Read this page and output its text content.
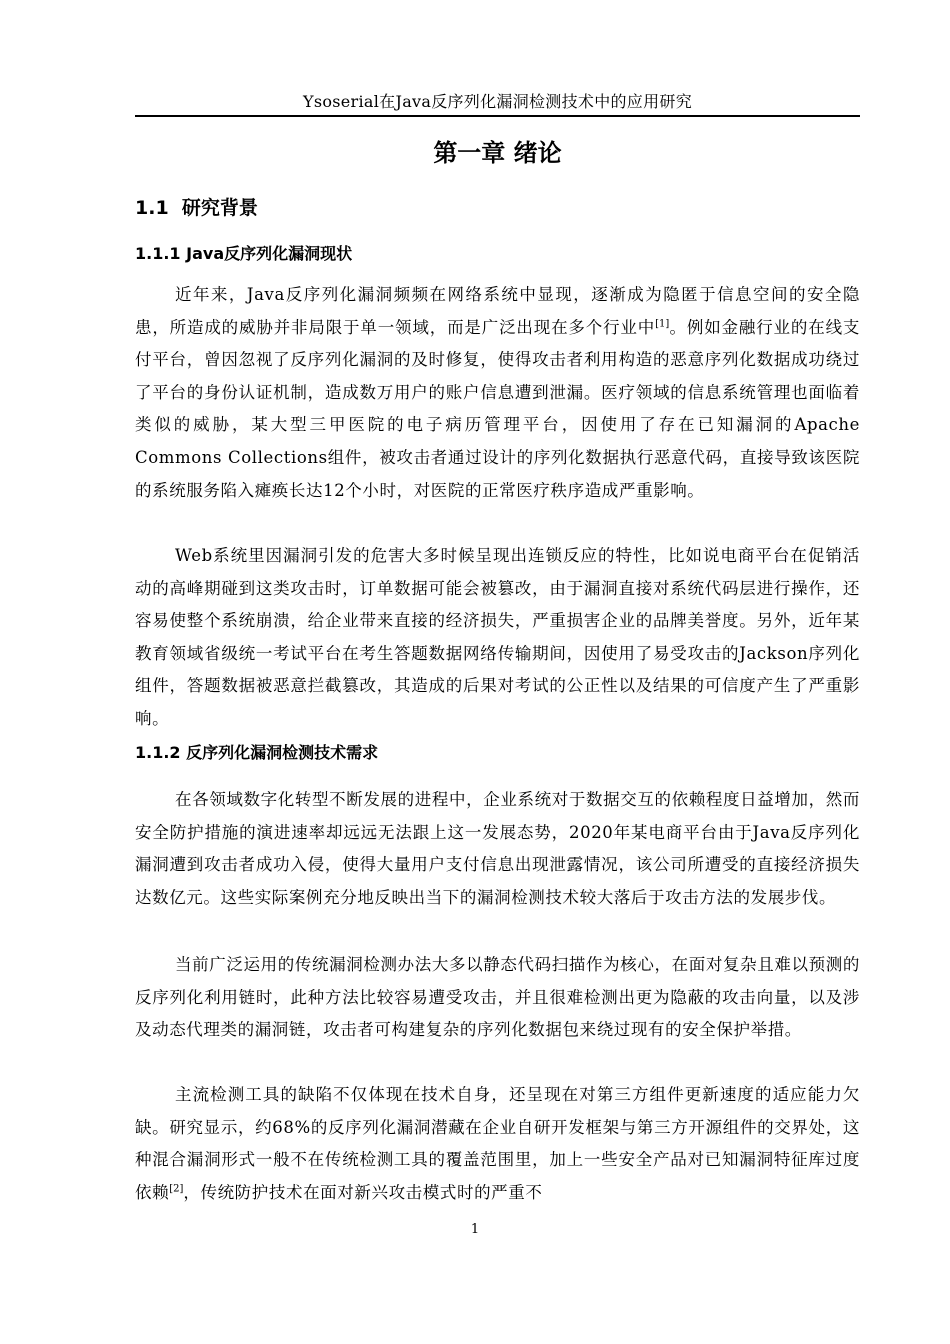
Ysoserial在Java反序列化漏洞检测技术中的应用研究
第一章 绪论
1.1 研究背景
1.1.1 Java反序列化漏洞现状

近年来，Java反序列化漏洞频频在网络系统中显现，逐渐成为隐匿于信息空间的安全隐患，所造成的威胁并非局限于单一领域，而是广泛出现在多个行业中[1]。例如金融行业的在线支付平台，曾因忽视了反序列化漏洞的及时修复，使得攻击者利用构造的恶意序列化数据成功绕过了平台的身份认证机制，造成数万用户的账户信息遭到泄漏。医疗领域的信息系统管理也面临着类似的威胁，某大型三甲医院的电子病历管理平台，因使用了存在已知漏洞的Apache Commons Collections组件，被攻击者通过设计的序列化数据执行恶意代码，直接导致该医院的系统服务陷入瘫痪长达12个小时，对医院的正常医疗秩序造成严重影响。

Web系统里因漏洞引发的危害大多时候呈现出连锁反应的特性，比如说电商平台在促销活动的高峰期碰到这类攻击时，订单数据可能会被篡改，由于漏洞直接对系统代码层进行操作，还容易使整个系统崩溃，给企业带来直接的经济损失，严重损害企业的品牌美誉度。另外，近年某教育领域省级统一考试平台在考生答题数据网络传输期间，因使用了易受攻击的Jackson序列化组件，答题数据被恶意拦截篡改，其造成的后果对考试的公正性以及结果的可信度产生了严重影响。

1.1.2 反序列化漏洞检测技术需求

在各领域数字化转型不断发展的进程中，企业系统对于数据交互的依赖程度日益增加，然而安全防护措施的演进速率却远远无法跟上这一发展态势，2020年某电商平台由于Java反序列化漏洞遭到攻击者成功入侵，使得大量用户支付信息出现泄露情况，该公司所遭受的直接经济损失达数亿元。这些实际案例充分地反映出当下的漏洞检测技术较大落后于攻击方法的发展步伐。

当前广泛运用的传统漏洞检测办法大多以静态代码扫描作为核心，在面对复杂且难以预测的反序列化利用链时，此种方法比较容易遭受攻击，并且很难检测出更为隐蔽的攻击向量，以及涉及动态代理类的漏洞链，攻击者可构建复杂的序列化数据包来绕过现有的安全保护举措。

主流检测工具的缺陷不仅体现在技术自身，还呈现在对第三方组件更新速度的适应能力欠缺。研究显示，约68%的反序列化漏洞潜藏在企业自研开发框架与第三方开源组件的交界处，这种混合漏洞形式一般不在传统检测工具的覆盖范围里，加上一些安全产品对已知漏洞特征库过度依赖[2]，传统防护技术在面对新兴攻击模式时的严重不

1
